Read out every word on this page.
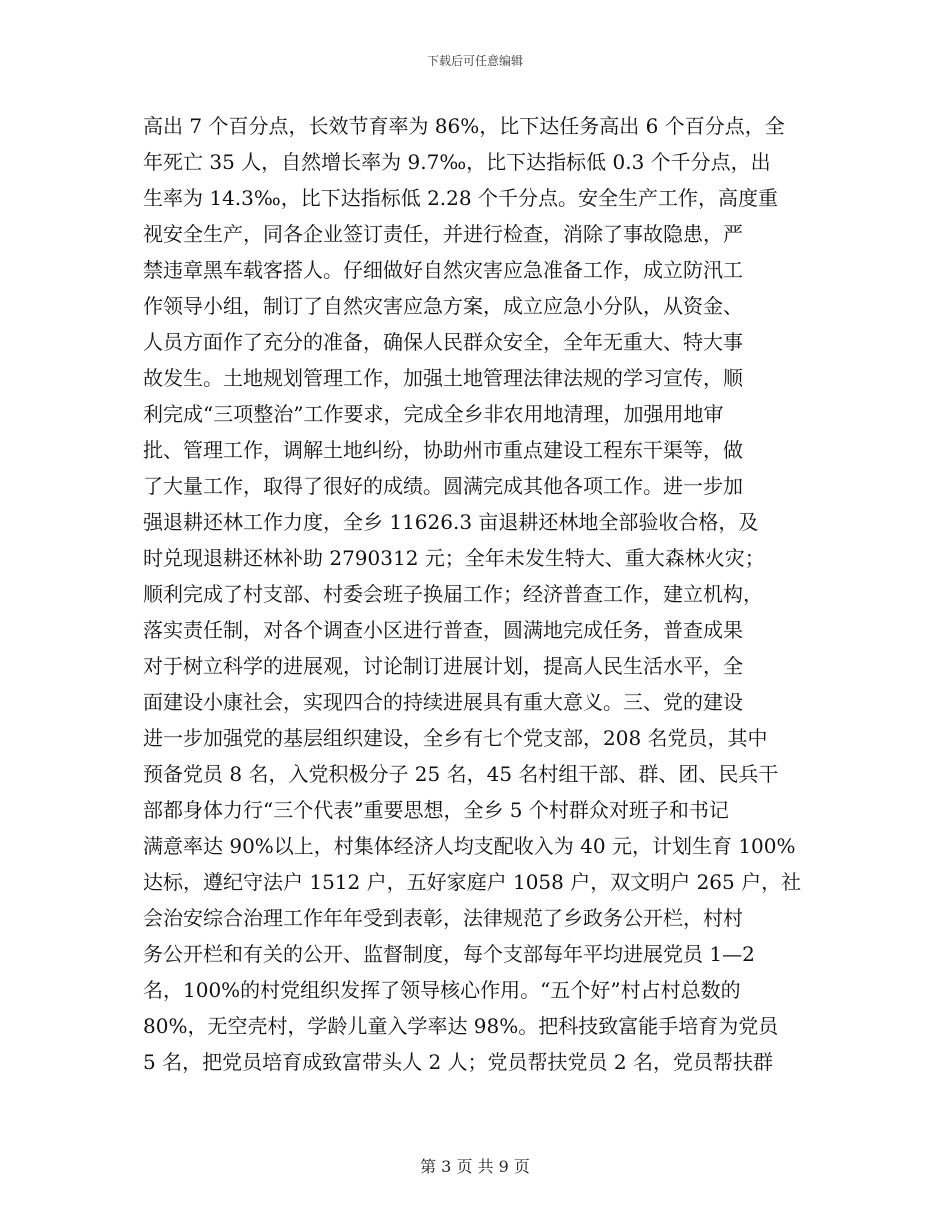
下载后可任意编辑
高出 7 个百分点，长效节育率为 86%，比下达任务高出 6 个百分点，全
年死亡 35 人，自然增长率为 9.7‰，比下达指标低 0.3 个千分点，出
生率为 14.3‰，比下达指标低 2.28 个千分点。安全生产工作，高度重
视安全生产，同各企业签订责任，并进行检查，消除了事故隐患，严
禁违章黑车载客搭人。仔细做好自然灾害应急准备工作，成立防汛工
作领导小组，制订了自然灾害应急方案，成立应急小分队，从资金、
人员方面作了充分的准备，确保人民群众安全，全年无重大、特大事
故发生。土地规划管理工作，加强土地管理法律法规的学习宣传，顺
利完成“三项整治”工作要求，完成全乡非农用地清理，加强用地审
批、管理工作，调解土地纠纷，协助州市重点建设工程东干渠等，做
了大量工作，取得了很好的成绩。圆满完成其他各项工作。进一步加
强退耕还林工作力度，全乡 11626.3 亩退耕还林地全部验收合格，及
时兑现退耕还林补助 2790312 元；全年未发生特大、重大森林火灾；
顺利完成了村支部、村委会班子换届工作；经济普查工作，建立机构，
落实责任制，对各个调查小区进行普查，圆满地完成任务，普查成果
对于树立科学的进展观，讨论制订进展计划，提高人民生活水平，全
面建设小康社会，实现四合的持续进展具有重大意义。三、党的建设
进一步加强党的基层组织建设，全乡有七个党支部，208 名党员，其中
预备党员 8 名，入党积极分子 25 名，45 名村组干部、群、团、民兵干
部都身体力行“三个代表”重要思想，全乡 5 个村群众对班子和书记
满意率达 90%以上，村集体经济人均支配收入为 40 元，计划生育 100%
达标，遵纪守法户 1512 户，五好家庭户 1058 户，双文明户 265 户，社
会治安综合治理工作年年受到表彰，法律规范了乡政务公开栏，村村
务公开栏和有关的公开、监督制度，每个支部每年平均进展党员 1—2
名，100%的村党组织发挥了领导核心作用。“五个好”村占村总数的
80%，无空壳村，学龄儿童入学率达 98%。把科技致富能手培育为党员
5 名，把党员培育成致富带头人 2 人；党员帮扶党员 2 名，党员帮扶群
第 3 页 共 9 页
